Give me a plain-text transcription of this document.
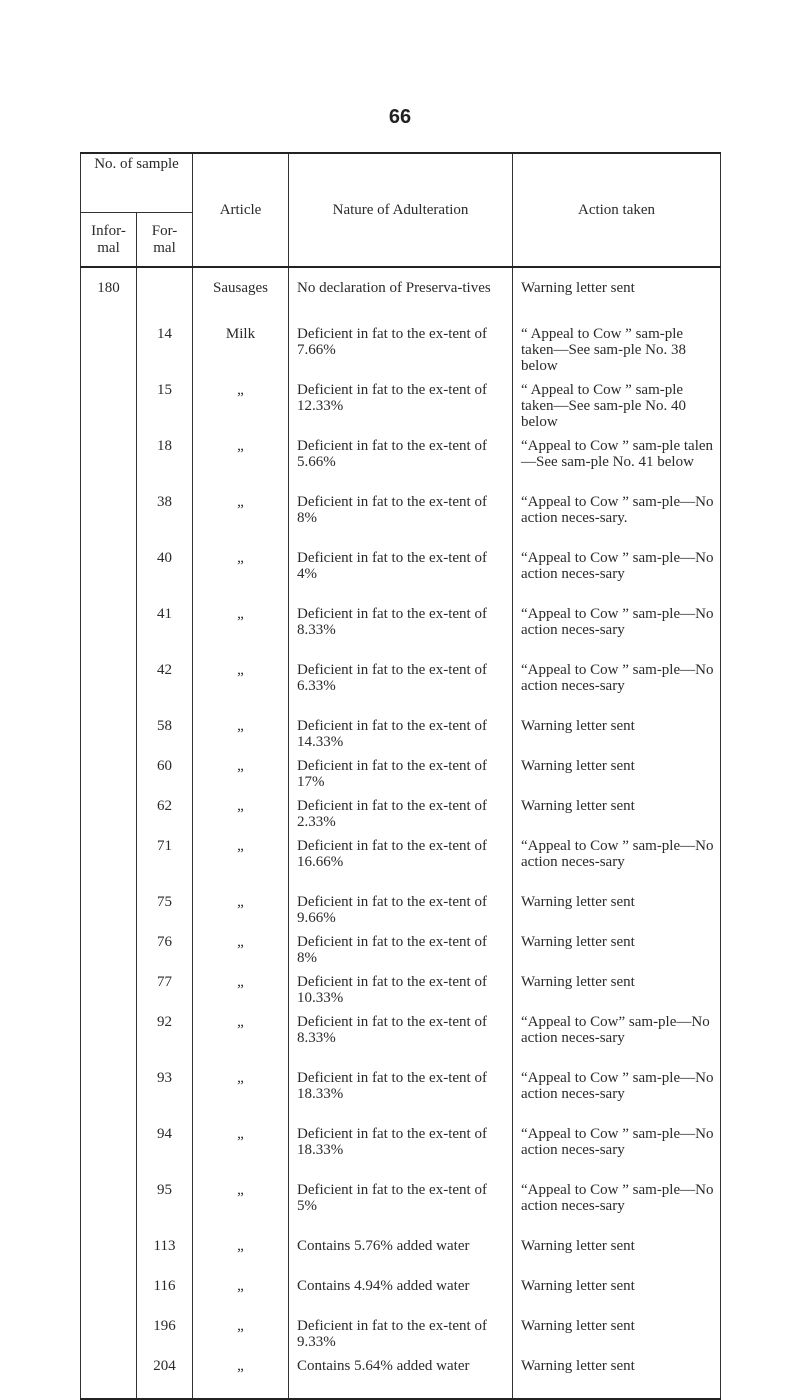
66
No. of sample		Article	Nature of Adulteration	Action taken
Infor-mal	For-mal			
180		Sausages	No declaration of Preserva-tives	Warning letter sent
	14	Milk	Deficient in fat to the ex-tent of 7.66%	“ Appeal to Cow ” sam-ple taken—See sam-ple No. 38 below
	15	„	Deficient in fat to the ex-tent of 12.33%	“ Appeal to Cow ” sam-ple taken—See sam-ple No. 40 below
	18	„	Deficient in fat to the ex-tent of 5.66%	“Appeal to Cow ” sam-ple talen—See sam-ple No. 41 below
	38	„	Deficient in fat to the ex-tent of 8%	“Appeal to Cow ” sam-ple—No action neces-sary.
	40	„	Deficient in fat to the ex-tent of 4%	“Appeal to Cow ” sam-ple—No action neces-sary
	41	„	Deficient in fat to the ex-tent of 8.33%	“Appeal to Cow ” sam-ple—No action neces-sary
	42	„	Deficient in fat to the ex-tent of 6.33%	“Appeal to Cow ” sam-ple—No action neces-sary
	58	„	Deficient in fat to the ex-tent of 14.33%	Warning letter sent
	60	„	Deficient in fat to the ex-tent of 17%	Warning letter sent
	62	„	Deficient in fat to the ex-tent of 2.33%	Warning letter sent
	71	„	Deficient in fat to the ex-tent of 16.66%	“Appeal to Cow ” sam-ple—No action neces-sary
	75	„	Deficient in fat to the ex-tent of 9.66%	Warning letter sent
	76	„	Deficient in fat to the ex-tent of 8%	Warning letter sent
	77	„	Deficient in fat to the ex-tent of 10.33%	Warning letter sent
	92	„	Deficient in fat to the ex-tent of 8.33%	“Appeal to Cow” sam-ple—No action neces-sary
	93	„	Deficient in fat to the ex-tent of 18.33%	“Appeal to Cow ” sam-ple—No action neces-sary
	94	„	Deficient in fat to the ex-tent of 18.33%	“Appeal to Cow ” sam-ple—No action neces-sary
	95	„	Deficient in fat to the ex-tent of 5%	“Appeal to Cow ” sam-ple—No action neces-sary
	113	„	Contains 5.76% added water	Warning letter sent
	116	„	Contains 4.94% added water	Warning letter sent
	196	„	Deficient in fat to the ex-tent of 9.33%	Warning letter sent
	204	„	Contains 5.64% added water	Warning letter sent
